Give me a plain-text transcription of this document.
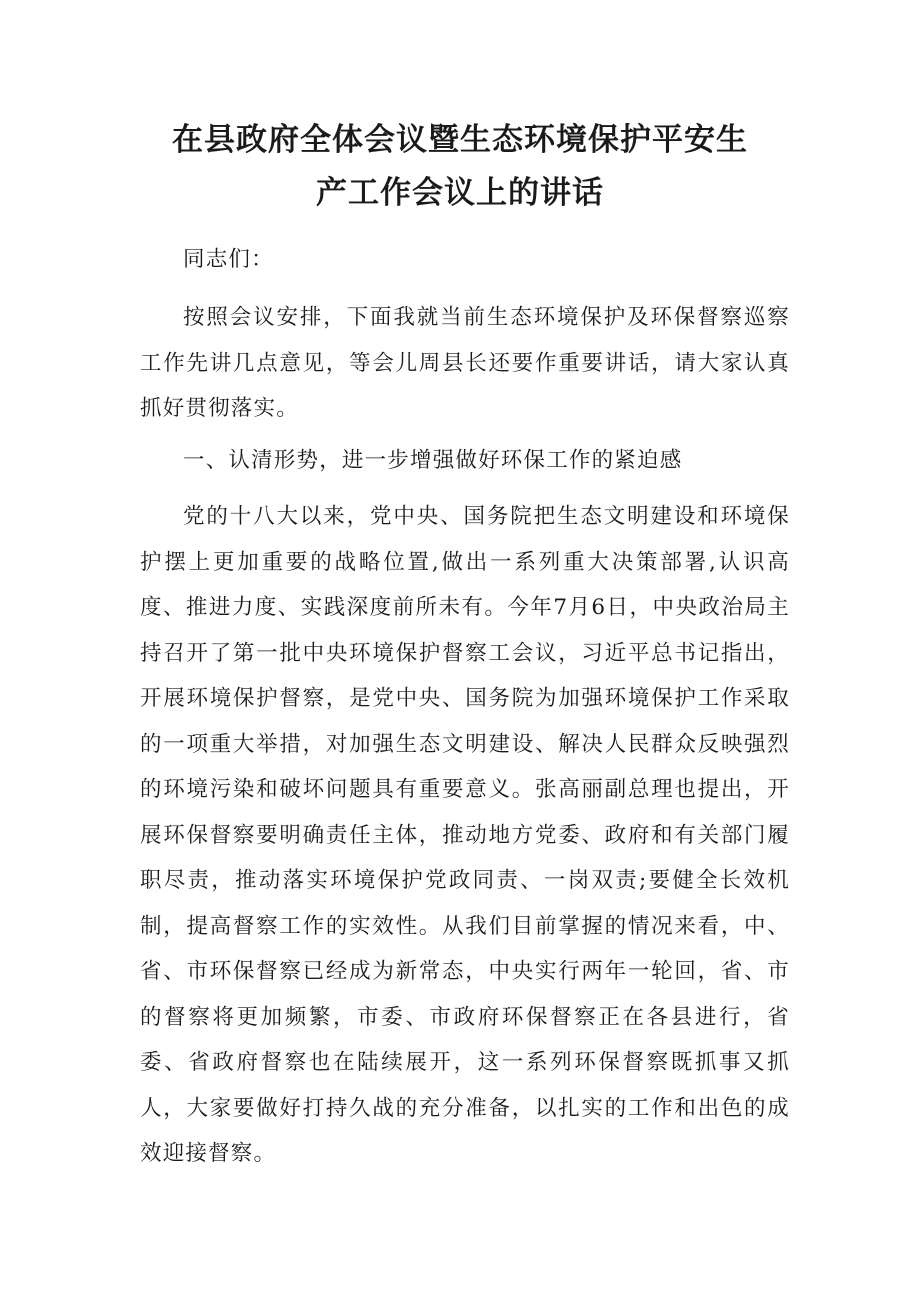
在县政府全体会议暨生态环境保护平安生
产工作会议上的讲话

同志们：

按照会议安排，下面我就当前生态环境保护及环保督察巡察工作先讲几点意见，等会儿周县长还要作重要讲话，请大家认真抓好贯彻落实。

一、认清形势，进一步增强做好环保工作的紧迫感

党的十八大以来，党中央、国务院把生态文明建设和环境保护摆上更加重要的战略位置,做出一系列重大决策部署,认识高度、推进力度、实践深度前所未有。今年7月6日，中央政治局主持召开了第一批中央环境保护督察工会议，习近平总书记指出，开展环境保护督察，是党中央、国务院为加强环境保护工作采取的一项重大举措，对加强生态文明建设、解决人民群众反映强烈的环境污染和破坏问题具有重要意义。张高丽副总理也提出，开展环保督察要明确责任主体，推动地方党委、政府和有关部门履职尽责，推动落实环境保护党政同责、一岗双责;要健全长效机制，提高督察工作的实效性。从我们目前掌握的情况来看，中、省、市环保督察已经成为新常态，中央实行两年一轮回，省、市的督察将更加频繁，市委、市政府环保督察正在各县进行，省委、省政府督察也在陆续展开，这一系列环保督察既抓事又抓人，大家要做好打持久战的充分准备，以扎实的工作和出色的成效迎接督察。
